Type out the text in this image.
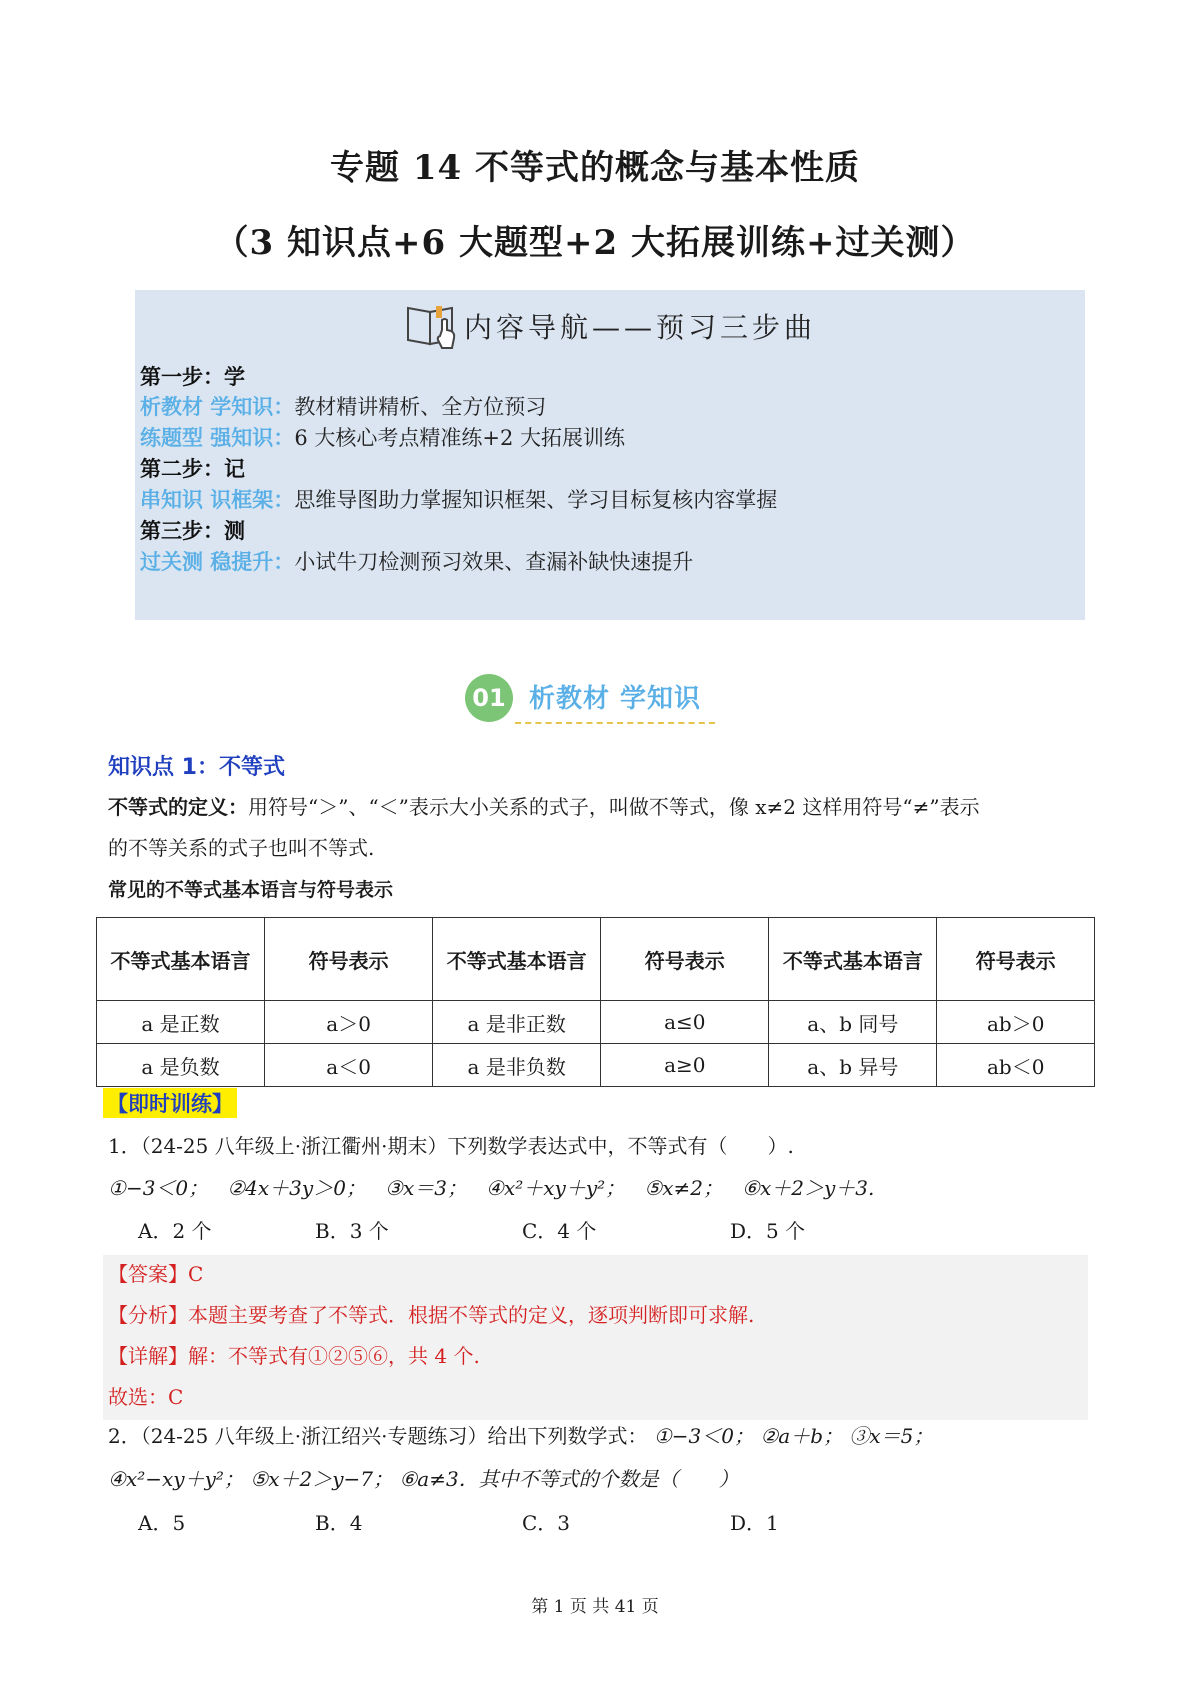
专题 14 不等式的概念与基本性质
（3 知识点+6 大题型+2 大拓展训练+过关测）
内容导航——预习三步曲
第一步：学
析教材 学知识：教材精讲精析、全方位预习
练题型 强知识：6 大核心考点精准练+2 大拓展训练
第二步：记
串知识 识框架：思维导图助力掌握知识框架、学习目标复核内容掌握
第三步：测
过关测 稳提升：小试牛刀检测预习效果、查漏补缺快速提升
01 析教材 学知识
知识点 1：不等式
不等式的定义：用符号“＞”、“＜”表示大小关系的式子，叫做不等式，像 x≠2 这样用符号“≠”表示
的不等关系的式子也叫不等式.
常见的不等式基本语言与符号表示
不等式基本语言	符号表示	不等式基本语言	符号表示	不等式基本语言	符号表示
a 是正数	a＞0	a 是非正数	a≤0	a、b 同号	ab＞0
a 是负数	a＜0	a 是非负数	a≥0	a、b 异号	ab＜0
【即时训练】
1．（24-25 八年级上·浙江衢州·期末）下列数学表达式中，不等式有（　　）.
①−3＜0； ②4x＋3y＞0； ③x＝3； ④x²＋xy＋y²； ⑤x≠2； ⑥x＋2＞y＋3.
A．2 个	B．3 个	C．4 个	D．5 个
【答案】C
【分析】本题主要考查了不等式．根据不等式的定义，逐项判断即可求解.
【详解】解：不等式有①②⑤⑥，共 4 个.
故选：C
2．（24-25 八年级上·浙江绍兴·专题练习）给出下列数学式： ①−3＜0； ②a＋b； ③x＝5；
④x²−xy＋y²； ⑤x＋2＞y−7； ⑥a≠3．其中不等式的个数是（　　）
A．5	B．4	C．3	D．1
第 1 页 共 41 页
